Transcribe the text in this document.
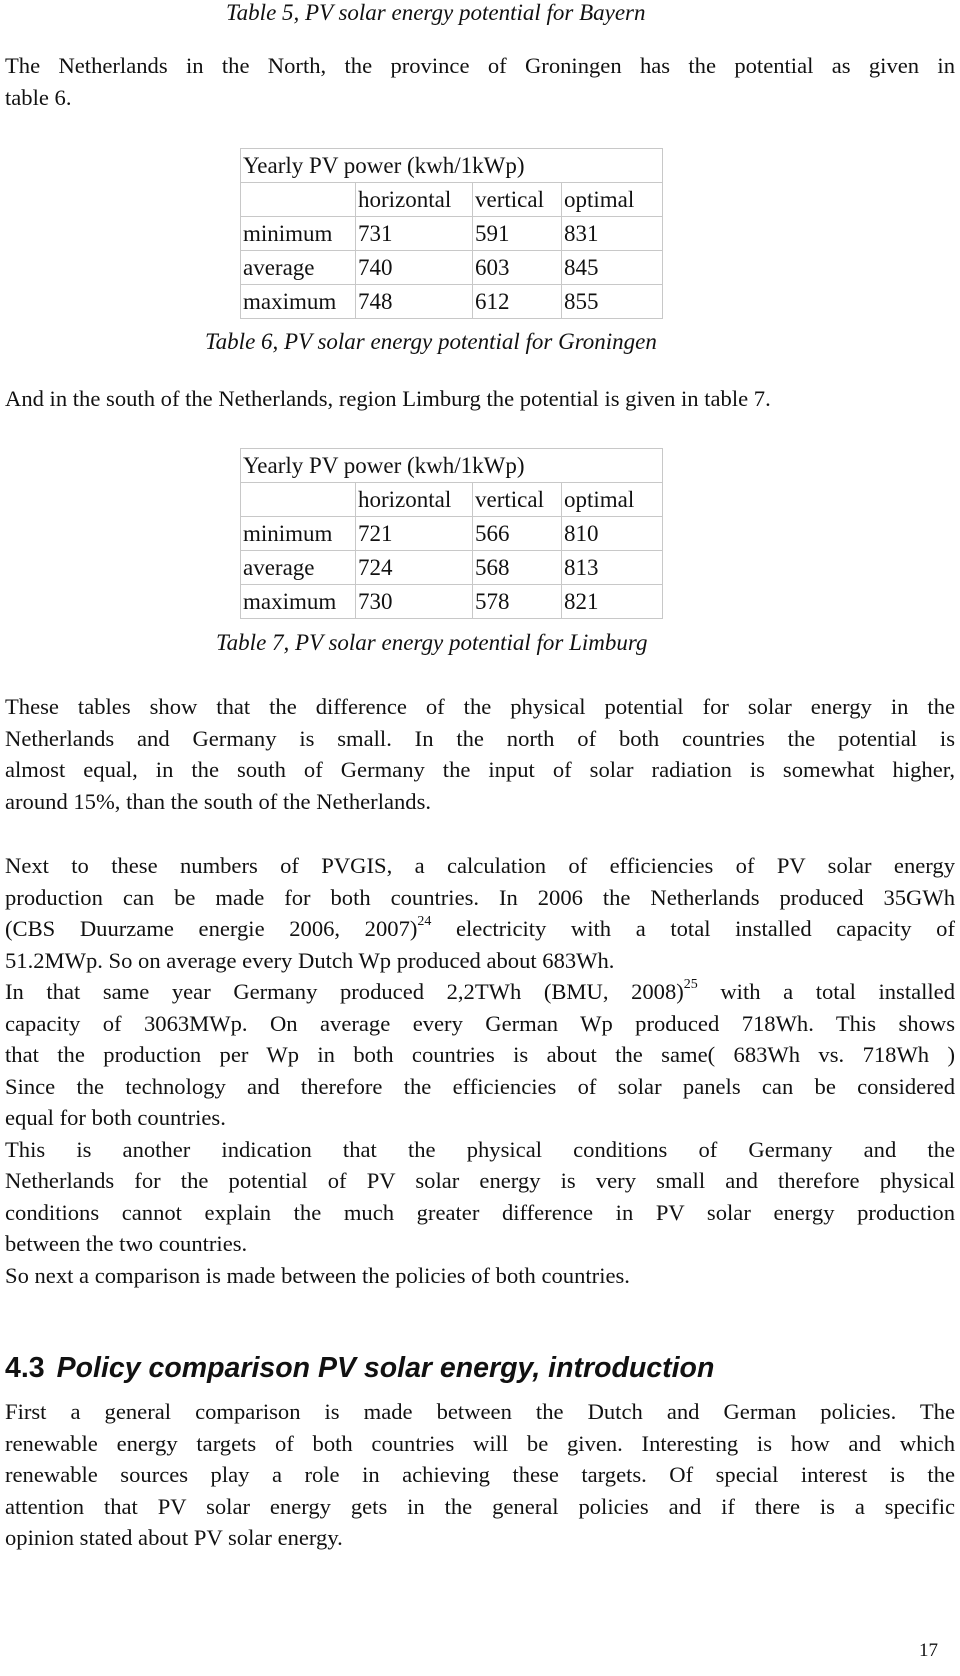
Table 5, PV solar energy potential for Bayern
The Netherlands in the North, the province of Groningen has the potential as given in
table 6.
Yearly PV power (kwh/1kWp)			
	horizontal	vertical	optimal
minimum	731	591	831
average	740	603	845
maximum	748	612	855
Table 6, PV solar energy potential for Groningen
And in the south of the Netherlands, region Limburg the potential is given in table 7.
Yearly PV power (kwh/1kWp)			
	horizontal	vertical	optimal
minimum	721	566	810
average	724	568	813
maximum	730	578	821
Table 7, PV solar energy potential for Limburg
These tables show that the difference of the physical potential for solar energy in the
Netherlands and Germany is small. In the north of both countries the potential is
almost equal, in the south of Germany the input of solar radiation is somewhat higher,
around 15%, than the south of the Netherlands.
Next to these numbers of PVGIS, a calculation of efficiencies of PV solar energy
production can be made for both countries. In 2006 the Netherlands produced 35GWh
(CBS Duurzame energie 2006, 2007)$^{24}$ electricity with a total installed capacity of
51.2MWp. So on average every Dutch Wp produced about 683Wh.
In that same year Germany produced 2,2TWh (BMU, 2008)$^{25}$ with a total installed
capacity of 3063MWp. On average every German Wp produced 718Wh. This shows
that the production per Wp in both countries is about the same( 683Wh vs. 718Wh )
Since the technology and therefore the efficiencies of solar panels can be considered
equal for both countries.
This is another indication that the physical conditions of Germany and the
Netherlands for the potential of PV solar energy is very small and therefore physical
conditions cannot explain the much greater difference in PV solar energy production
between the two countries.
So next a comparison is made between the policies of both countries.
4.3 Policy comparison PV solar energy, introduction
First a general comparison is made between the Dutch and German policies. The
renewable energy targets of both countries will be given. Interesting is how and which
renewable sources play a role in achieving these targets. Of special interest is the
attention that PV solar energy gets in the general policies and if there is a specific
opinion stated about PV solar energy.
17
